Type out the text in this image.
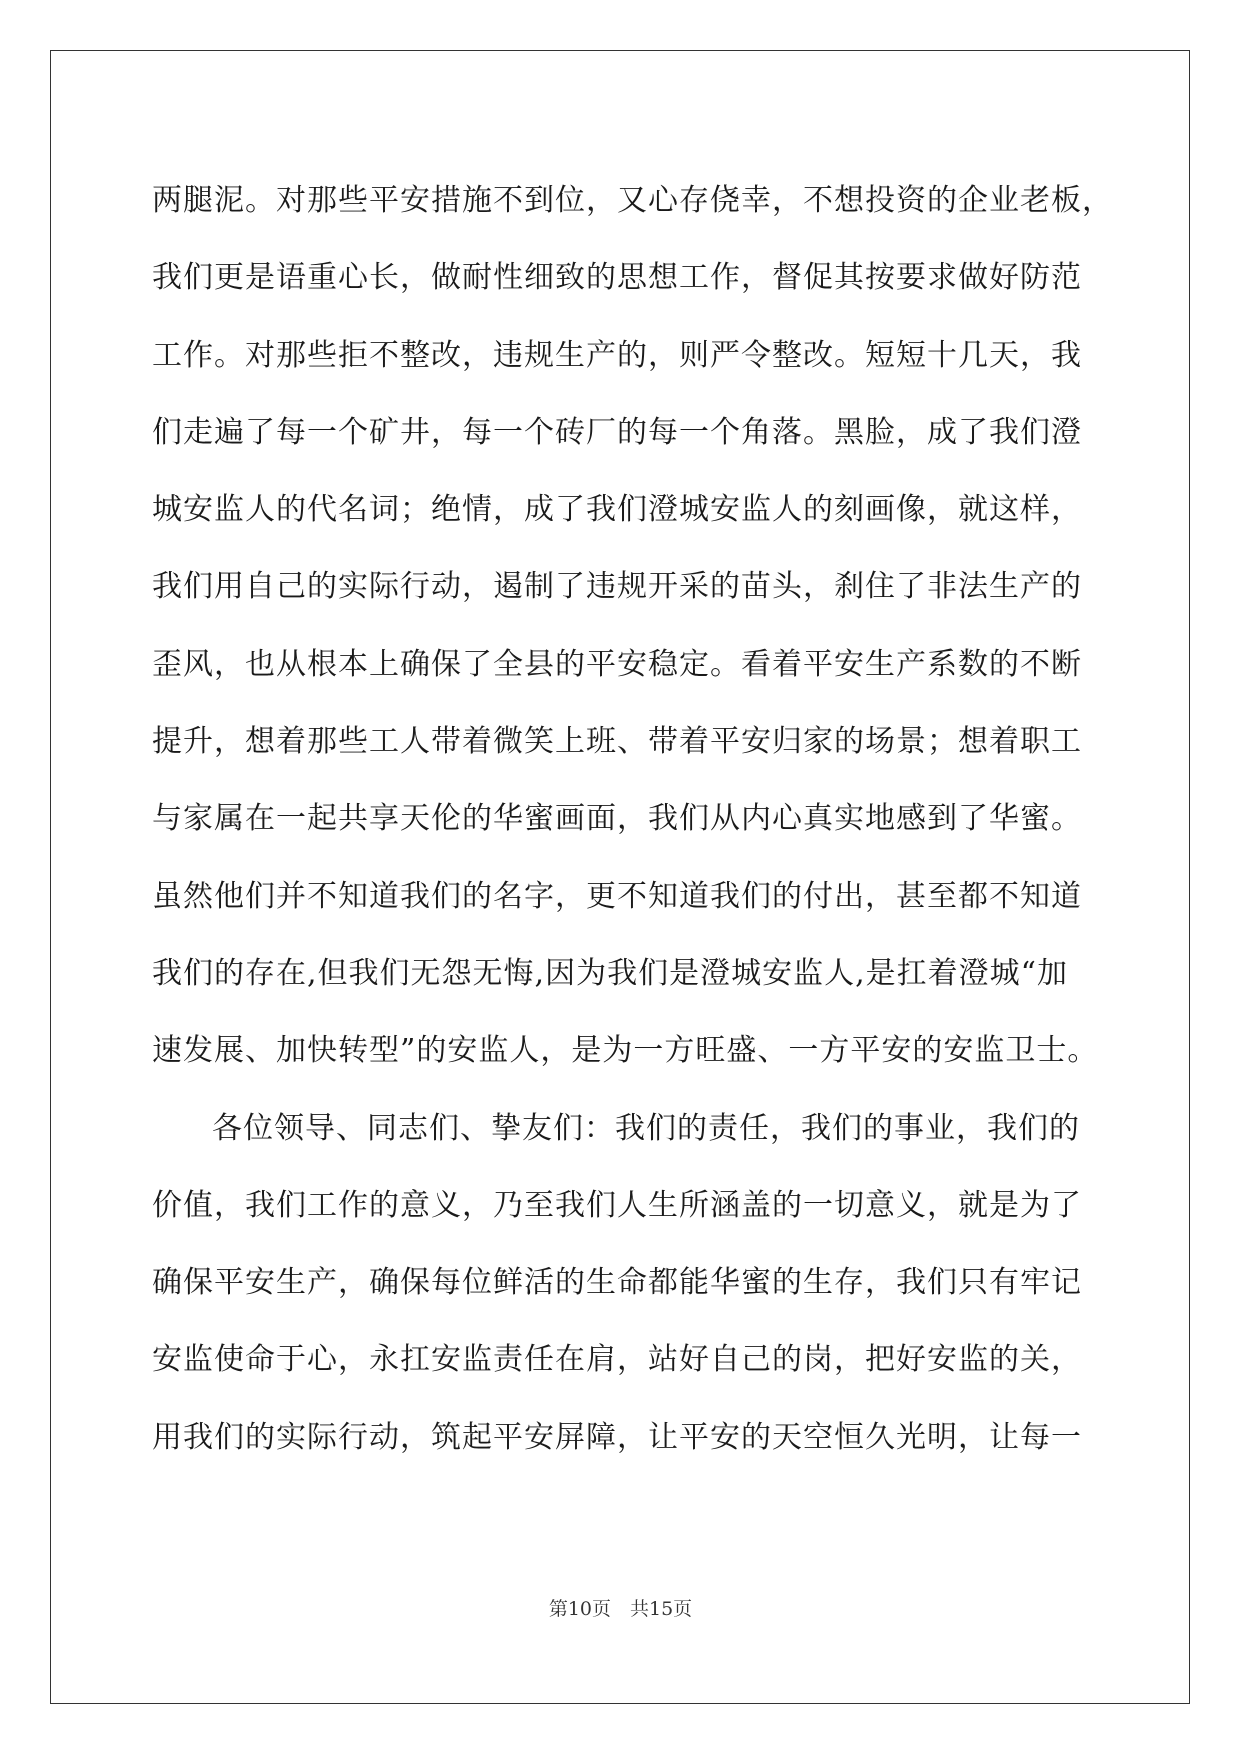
两腿泥。对那些平安措施不到位，又心存侥幸，不想投资的企业老板，
我们更是语重心长，做耐性细致的思想工作，督促其按要求做好防范
工作。对那些拒不整改，违规生产的，则严令整改。短短十几天，我
们走遍了每一个矿井，每一个砖厂的每一个角落。黑脸，成了我们澄
城安监人的代名词；绝情，成了我们澄城安监人的刻画像，就这样，
我们用自己的实际行动，遏制了违规开采的苗头，刹住了非法生产的
歪风，也从根本上确保了全县的平安稳定。看着平安生产系数的不断
提升，想着那些工人带着微笑上班、带着平安归家的场景；想着职工
与家属在一起共享天伦的华蜜画面，我们从内心真实地感到了华蜜。
虽然他们并不知道我们的名字，更不知道我们的付出，甚至都不知道
我们的存在,但我们无怨无悔,因为我们是澄城安监人,是扛着澄城“加
速发展、加快转型”的安监人，是为一方旺盛、一方平安的安监卫士。
各位领导、同志们、挚友们：我们的责任，我们的事业，我们的
价值，我们工作的意义，乃至我们人生所涵盖的一切意义，就是为了
确保平安生产，确保每位鲜活的生命都能华蜜的生存，我们只有牢记
安监使命于心，永扛安监责任在肩，站好自己的岗，把好安监的关，
用我们的实际行动，筑起平安屏障，让平安的天空恒久光明，让每一
第10页　共15页
